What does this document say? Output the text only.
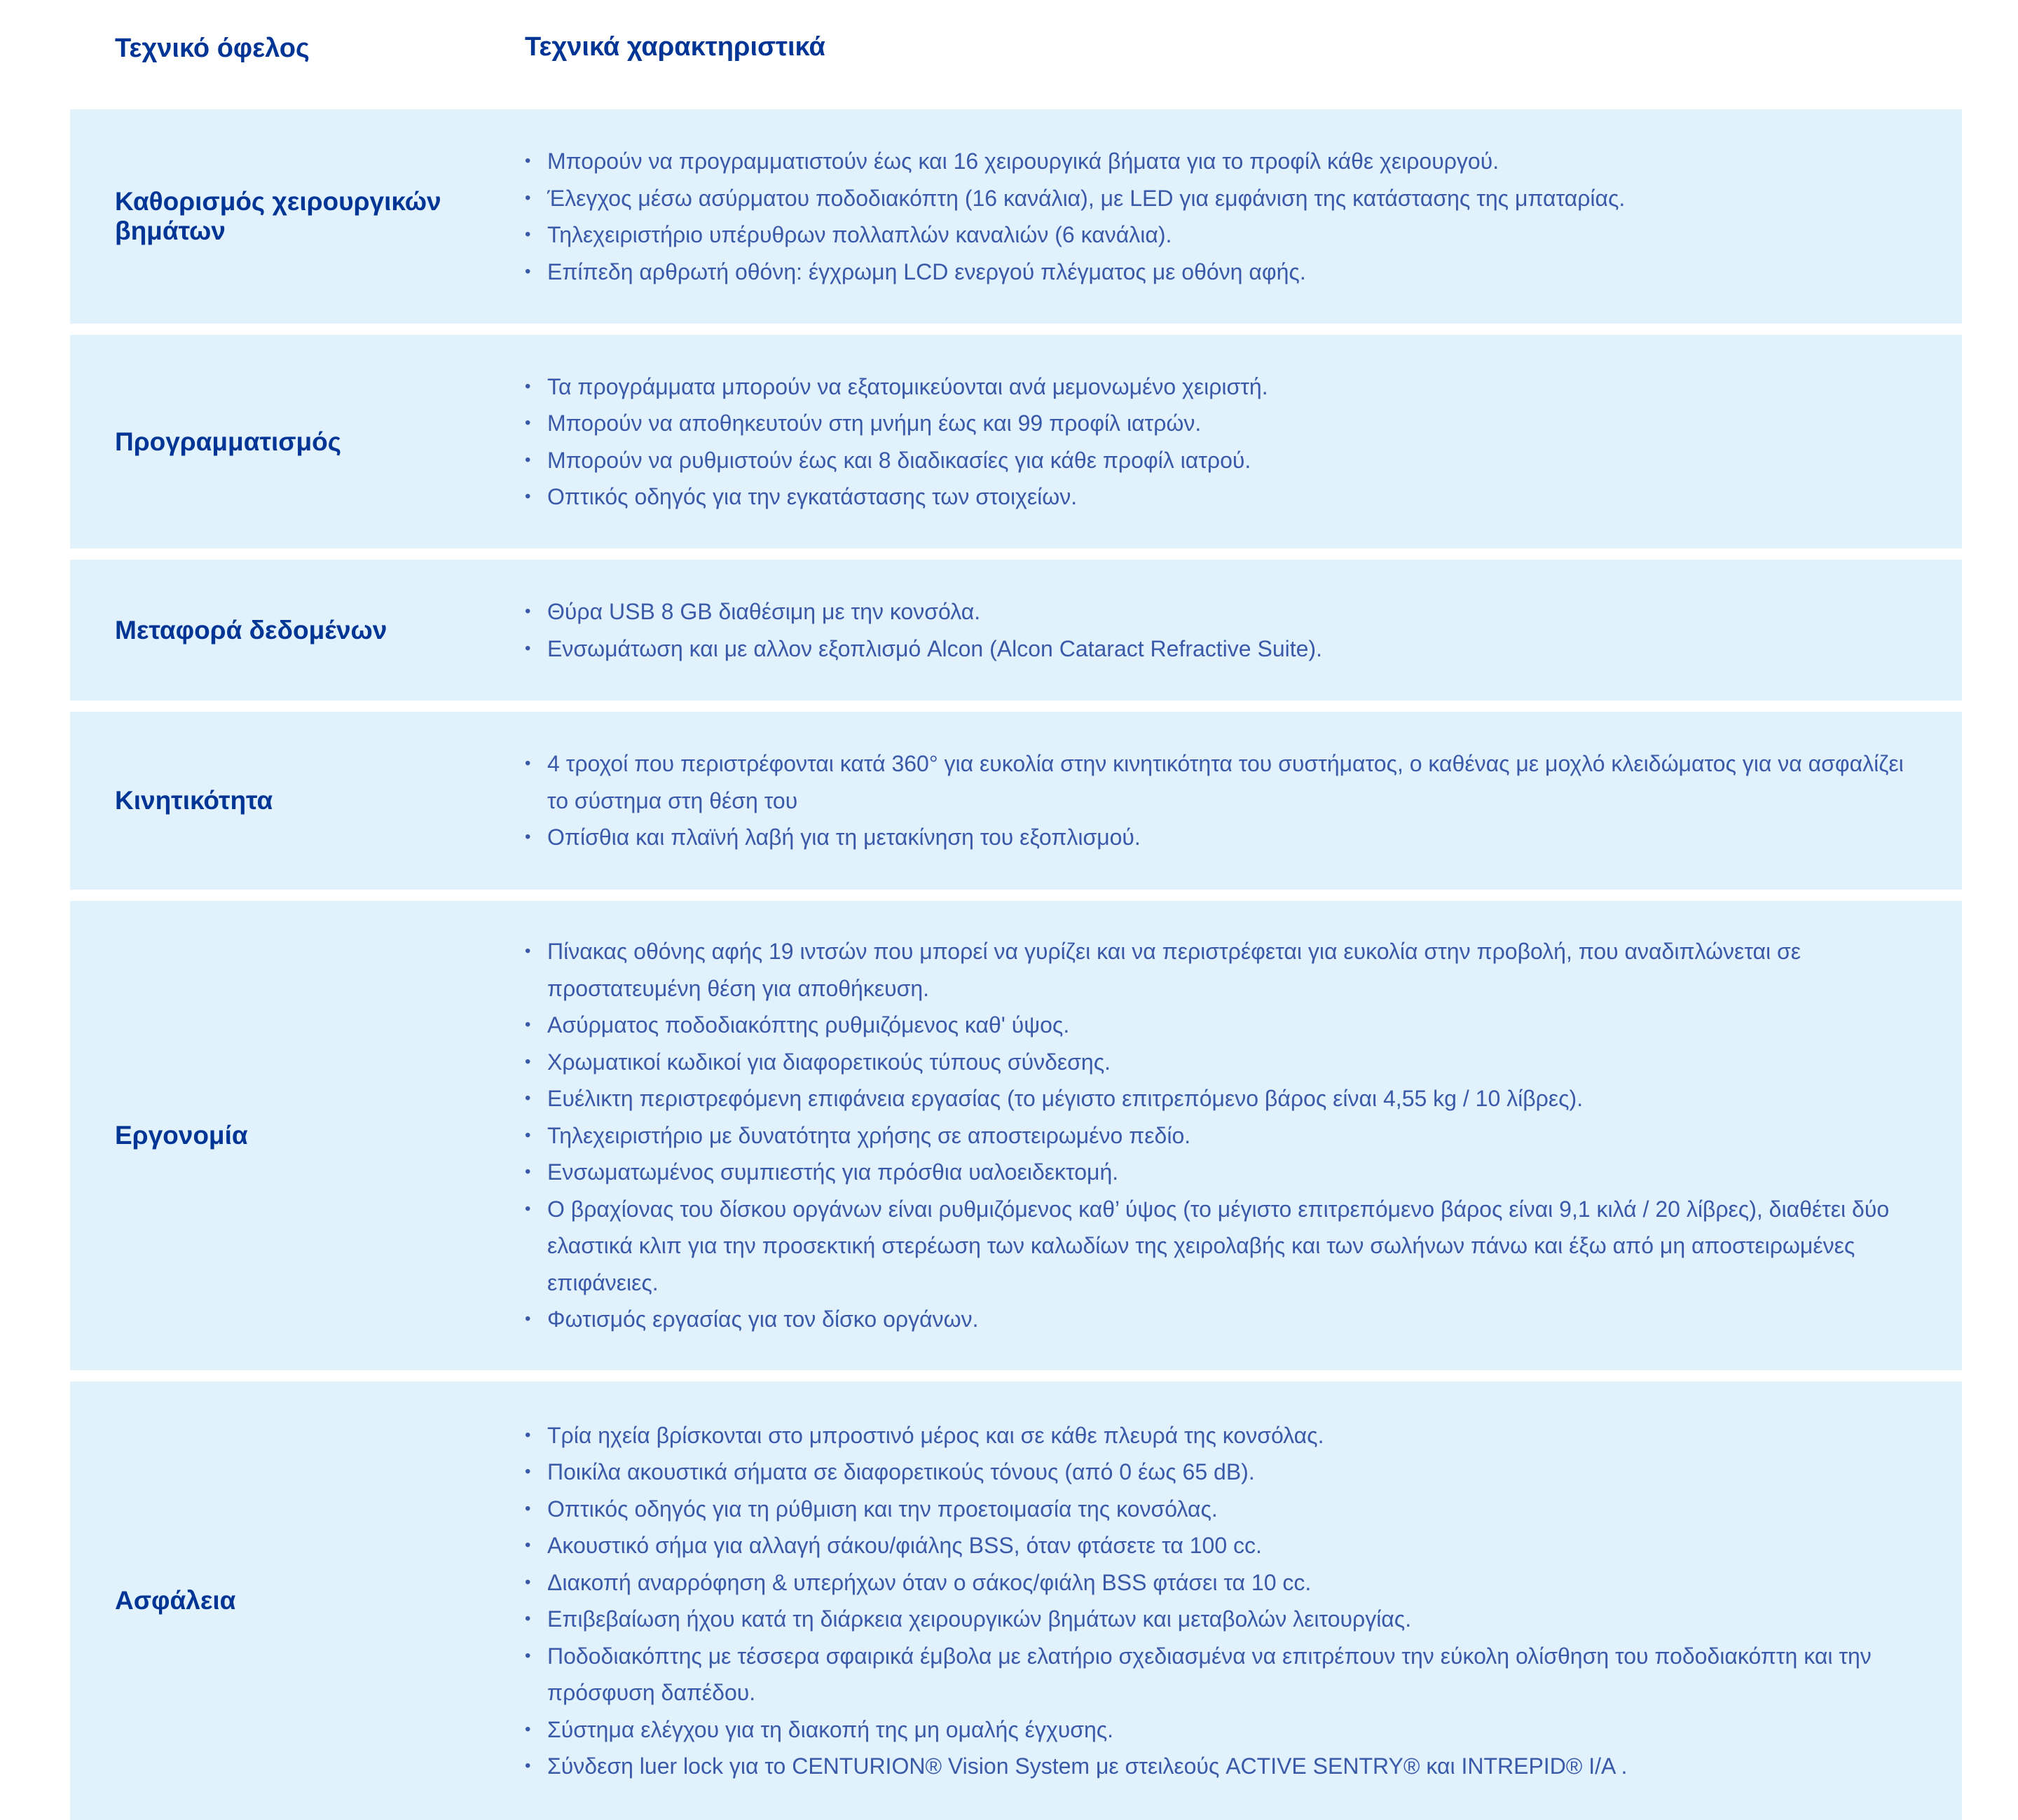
Τεχνικό όφελος	Τεχνικά χαρακτηριστικά
Καθορισμός χειρουργικών βημάτων
• Μπορούν να προγραμματιστούν έως και 16 χειρουργικά βήματα για το προφίλ κάθε χειρουργού.
• Έλεγχος μέσω ασύρματου ποδοδιακόπτη (16 κανάλια), με LED για εμφάνιση της κατάστασης της μπαταρίας.
• Τηλεχειριστήριο υπέρυθρων πολλαπλών καναλιών (6 κανάλια).
• Επίπεδη αρθρωτή οθόνη: έγχρωμη LCD ενεργού πλέγματος με οθόνη αφής.
Προγραμματισμός
• Τα προγράμματα μπορούν να εξατομικεύονται ανά μεμονωμένο χειριστή.
• Μπορούν να αποθηκευτούν στη μνήμη έως και 99 προφίλ ιατρών.
• Μπορούν να ρυθμιστούν έως και 8 διαδικασίες για κάθε προφίλ ιατρού.
• Οπτικός οδηγός για την εγκατάστασης των στοιχείων.
Μεταφορά δεδομένων
• Θύρα USB 8 GB διαθέσιμη με την κονσόλα.
• Ενσωμάτωση και με αλλον εξοπλισμό Alcon (Alcon Cataract Refractive Suite).
Κινητικότητα
• 4 τροχοί που περιστρέφονται κατά 360° για ευκολία στην κινητικότητα του συστήματος, ο καθένας με μοχλό κλειδώματος για να ασφαλίζει το σύστημα στη θέση του
• Οπίσθια και πλαϊνή λαβή για τη μετακίνηση του εξοπλισμού.
Εργονομία
• Πίνακας οθόνης αφής 19 ιντσών που μπορεί να γυρίζει και να περιστρέφεται για ευκολία στην προβολή, που αναδιπλώνεται σε προστατευμένη θέση για αποθήκευση.
• Ασύρματος ποδοδιακόπτης ρυθμιζόμενος καθ' ύψος.
• Χρωματικοί κωδικοί για διαφορετικούς τύπους σύνδεσης.
• Ευέλικτη περιστρεφόμενη επιφάνεια εργασίας (το μέγιστο επιτρεπόμενο βάρος είναι 4,55 kg / 10 λίβρες).
• Τηλεχειριστήριο με δυνατότητα χρήσης σε αποστειρωμένο πεδίο.
• Ενσωματωμένος συμπιεστής για πρόσθια υαλοειδεκτομή.
• Ο βραχίονας του δίσκου οργάνων είναι ρυθμιζόμενος καθ’ ύψος (το μέγιστο επιτρεπόμενο βάρος είναι 9,1 κιλά / 20 λίβρες), διαθέτει δύο ελαστικά κλιπ για την προσεκτική στερέωση των καλωδίων της χειρολαβής και των σωλήνων πάνω και έξω από μη αποστειρωμένες επιφάνειες.
• Φωτισμός εργασίας για τον δίσκο οργάνων.
Ασφάλεια
• Τρία ηχεία βρίσκονται στο μπροστινό μέρος και σε κάθε πλευρά της κονσόλας.
• Ποικίλα ακουστικά σήματα σε διαφορετικούς τόνους (από 0 έως 65 dB).
• Οπτικός οδηγός για τη ρύθμιση και την προετοιμασία της κονσόλας.
• Ακουστικό σήμα για αλλαγή σάκου/φιάλης BSS, όταν φτάσετε τα 100 cc.
• Διακοπή αναρρόφηση & υπερήχων όταν ο σάκος/φιάλη BSS φτάσει τα 10 cc.
• Επιβεβαίωση ήχου κατά τη διάρκεια χειρουργικών βημάτων και μεταβολών λειτουργίας.
• Ποδοδιακόπτης με τέσσερα σφαιρικά έμβολα με ελατήριο σχεδιασμένα να επιτρέπουν την εύκολη ολίσθηση του ποδοδιακόπτη και την πρόσφυση δαπέδου.
• Σύστημα ελέγχου για τη διακοπή της μη ομαλής έγχυσης.
• Σύνδεση luer lock για το CENTURION® Vision System με στειλεούς ACTIVE SENTRY® και INTREPID® I/A .
